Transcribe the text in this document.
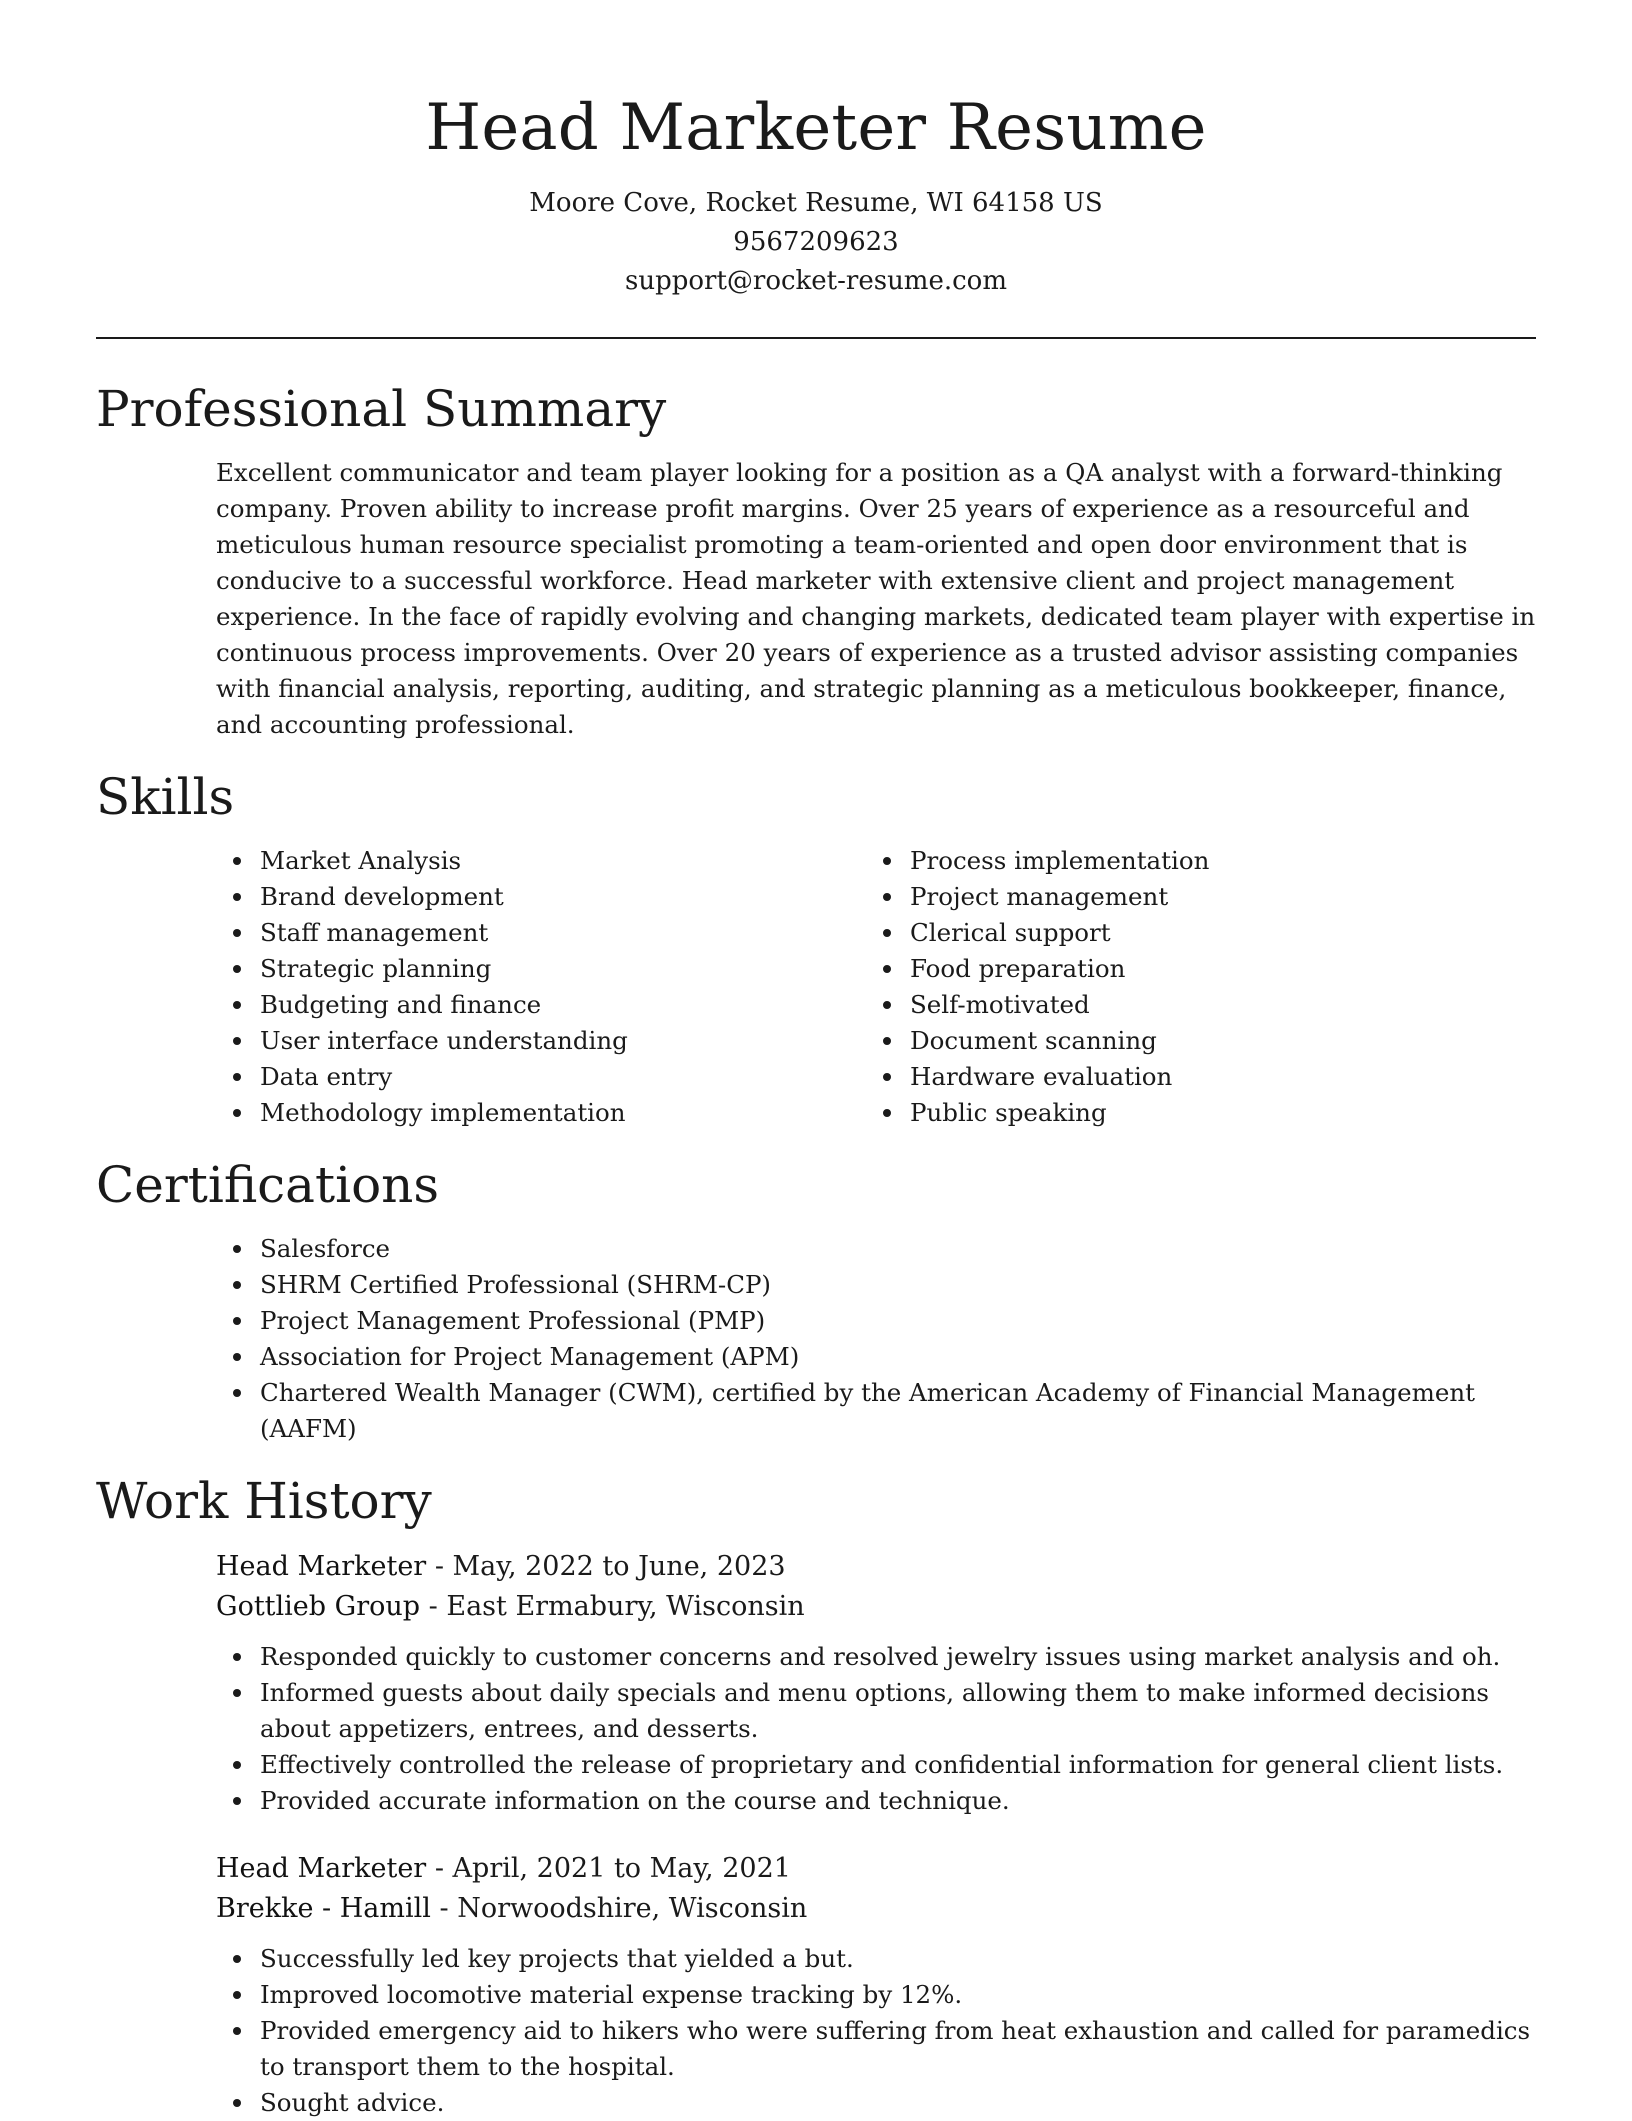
Head Marketer Resume
Moore Cove, Rocket Resume, WI 64158 US
9567209623
support@rocket-resume.com
Professional Summary

Excellent communicator and team player looking for a position as a QA analyst with a forward-thinking company. Proven ability to increase profit margins. Over 25 years of experience as a resourceful and meticulous human resource specialist promoting a team-oriented and open door environment that is conducive to a successful workforce. Head marketer with extensive client and project management experience. In the face of rapidly evolving and changing markets, dedicated team player with expertise in continuous process improvements. Over 20 years of experience as a trusted advisor assisting companies with financial analysis, reporting, auditing, and strategic planning as a meticulous bookkeeper, finance, and accounting professional.

Skills
Market Analysis
Brand development
Staff management
Strategic planning
Budgeting and finance
User interface understanding
Data entry
Methodology implementation
Process implementation
Project management
Clerical support
Food preparation
Self-motivated
Document scanning
Hardware evaluation
Public speaking
Certifications
Salesforce
SHRM Certified Professional (SHRM-CP)
Project Management Professional (PMP)
Association for Project Management (APM)
Chartered Wealth Manager (CWM), certified by the American Academy of Financial Management (AAFM)
Work History
Head Marketer - May, 2022 to June, 2023
Gottlieb Group - East Ermabury, Wisconsin
Responded quickly to customer concerns and resolved jewelry issues using market analysis and oh.
Informed guests about daily specials and menu options, allowing them to make informed decisions about appetizers, entrees, and desserts.
Effectively controlled the release of proprietary and confidential information for general client lists.
Provided accurate information on the course and technique.
Head Marketer - April, 2021 to May, 2021
Brekke - Hamill - Norwoodshire, Wisconsin
Successfully led key projects that yielded a but.
Improved locomotive material expense tracking by 12%.
Provided emergency aid to hikers who were suffering from heat exhaustion and called for paramedics to transport them to the hospital.
Sought advice.
